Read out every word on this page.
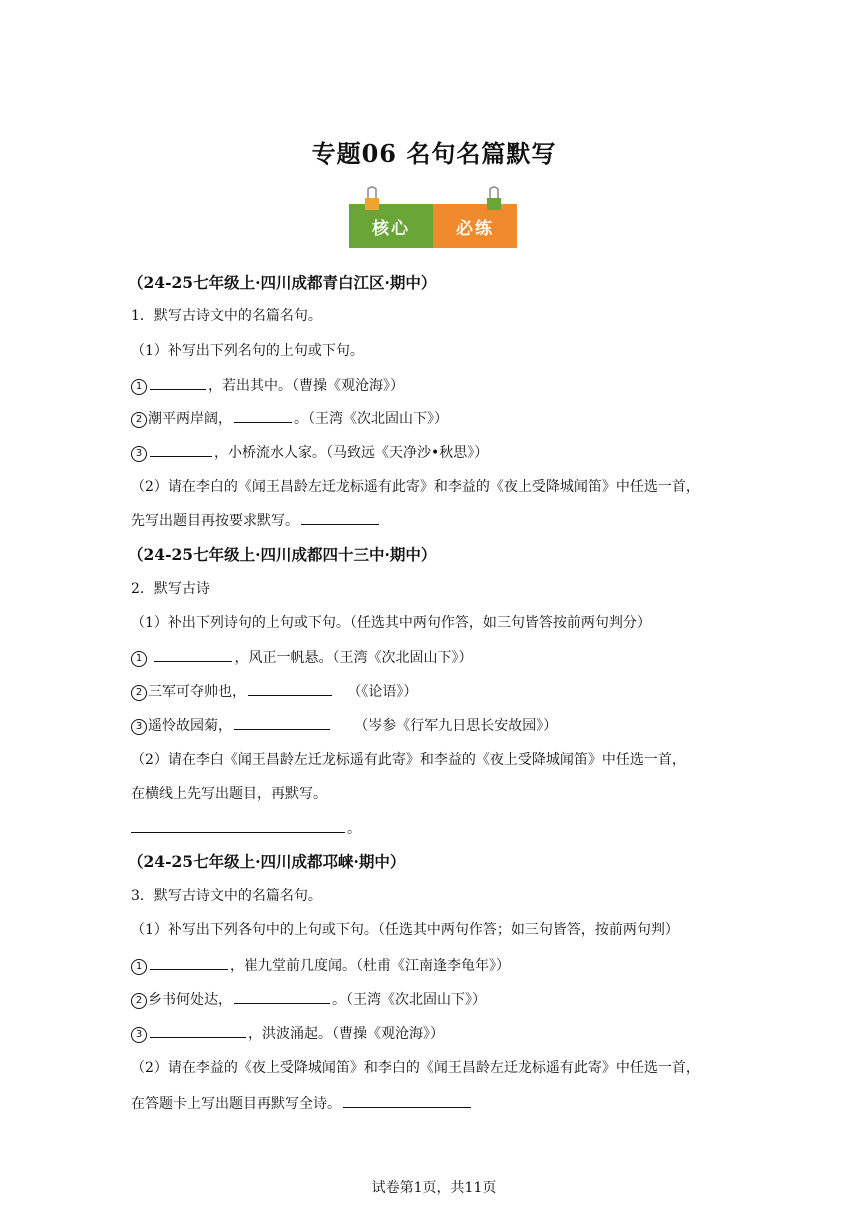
专题06 名句名篇默写
核心	必练
（24-25七年级上·四川成都青白江区·期中）
1．默写古诗文中的名篇名句。
（1）补写出下列名句的上句或下句。
1	，若出其中。（曹操《观沧海》）
2 潮平两岸阔，	。（王湾《次北固山下》）
3	，小桥流水人家。（马致远《天净沙•秋思》）
（2）请在李白的《闻王昌龄左迁龙标遥有此寄》和李益的《夜上受降城闻笛》中任选一首，
先写出题目再按要求默写。
（24-25七年级上·四川成都四十三中·期中）
2．默写古诗
（1）补出下列诗句的上句或下句。（任选其中两句作答，如三句皆答按前两句判分）
1	，风正一帆悬。（王湾《次北固山下》）
2 三军可夺帅也，	（《论语》）
3 遥怜故园菊，	（岑参《行军九日思长安故园》）
（2）请在李白《闻王昌龄左迁龙标遥有此寄》和李益的《夜上受降城闻笛》中任选一首，
在横线上先写出题目，再默写。
。
（24-25七年级上·四川成都邛崃·期中）
3．默写古诗文中的名篇名句。
（1）补写出下列各句中的上句或下句。（任选其中两句作答；如三句皆答，按前两句判）
1	，崔九堂前几度闻。（杜甫《江南逢李龟年》）
2 乡书何处达，	。（王湾《次北固山下》）
3	，洪波涌起。（曹操《观沧海》）
（2）请在李益的《夜上受降城闻笛》和李白的《闻王昌龄左迁龙标遥有此寄》中任选一首，
在答题卡上写出题目再默写全诗。
试卷第1页，共11页
